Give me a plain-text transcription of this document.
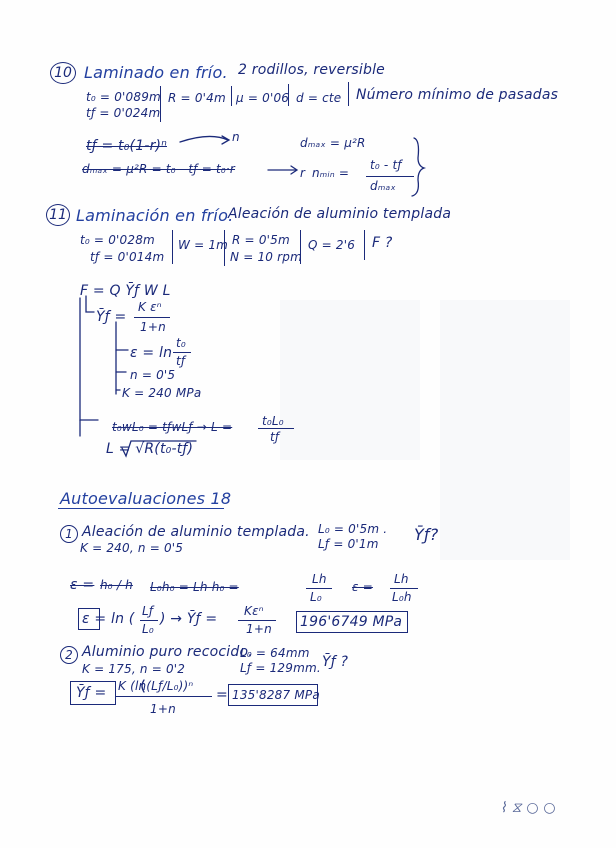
10 Laminado en frío. 2 rodillos, reversible
t₀ = 0'089m
tƒ = 0'024m
R = 0'4m μ = 0'06 d = cte Número mínimo de pasadas
tƒ = t₀(1-r)ⁿ
n	dₘₐₓ = μ²R
dₘₐₓ = μ²R = t₀ - tƒ = t₀·r	r nₘᵢₙ =
t₀ - tƒ
dₘₐₓ
11 Laminación en frío.
Aleación de aluminio templada
t₀ = 0'028m
tƒ = 0'014m
W = 1m R = 0'5m
N = 10 rpm
Q = 2'6 F ?
F = Q Ȳƒ W L
Ȳƒ =
K εⁿ
1+n
ε = ln
t₀
tƒ
n = 0'5
K = 240 MPa
t₀wL₀ = tƒwLƒ → L = t₀L₀
tƒ
L = √R(t₀-tƒ)
Autoevaluaciones 18
1 Aleación de aluminio templada. L₀ = 0'5m .
Lƒ = 0'1m Ȳƒ?
K = 240, n = 0'5
ε = h₀ / h L₀h₀ = Lh h₀ =
Lh
L₀
ε =
Lh
L₀h
ε = ln ( Lƒ
L₀
) → Ȳƒ = Kεⁿ
1+n 196'6749 MPa
2 Aluminio puro recocido.
L₀ = 64mm
Lƒ = 129mm. Ȳƒ ?
K = 175, n = 0'2
Ȳƒ = K (ln(Lƒ/L₀))ⁿ
1+n
= 135'8287 MPa
⌇ ⧖ ○ ○
